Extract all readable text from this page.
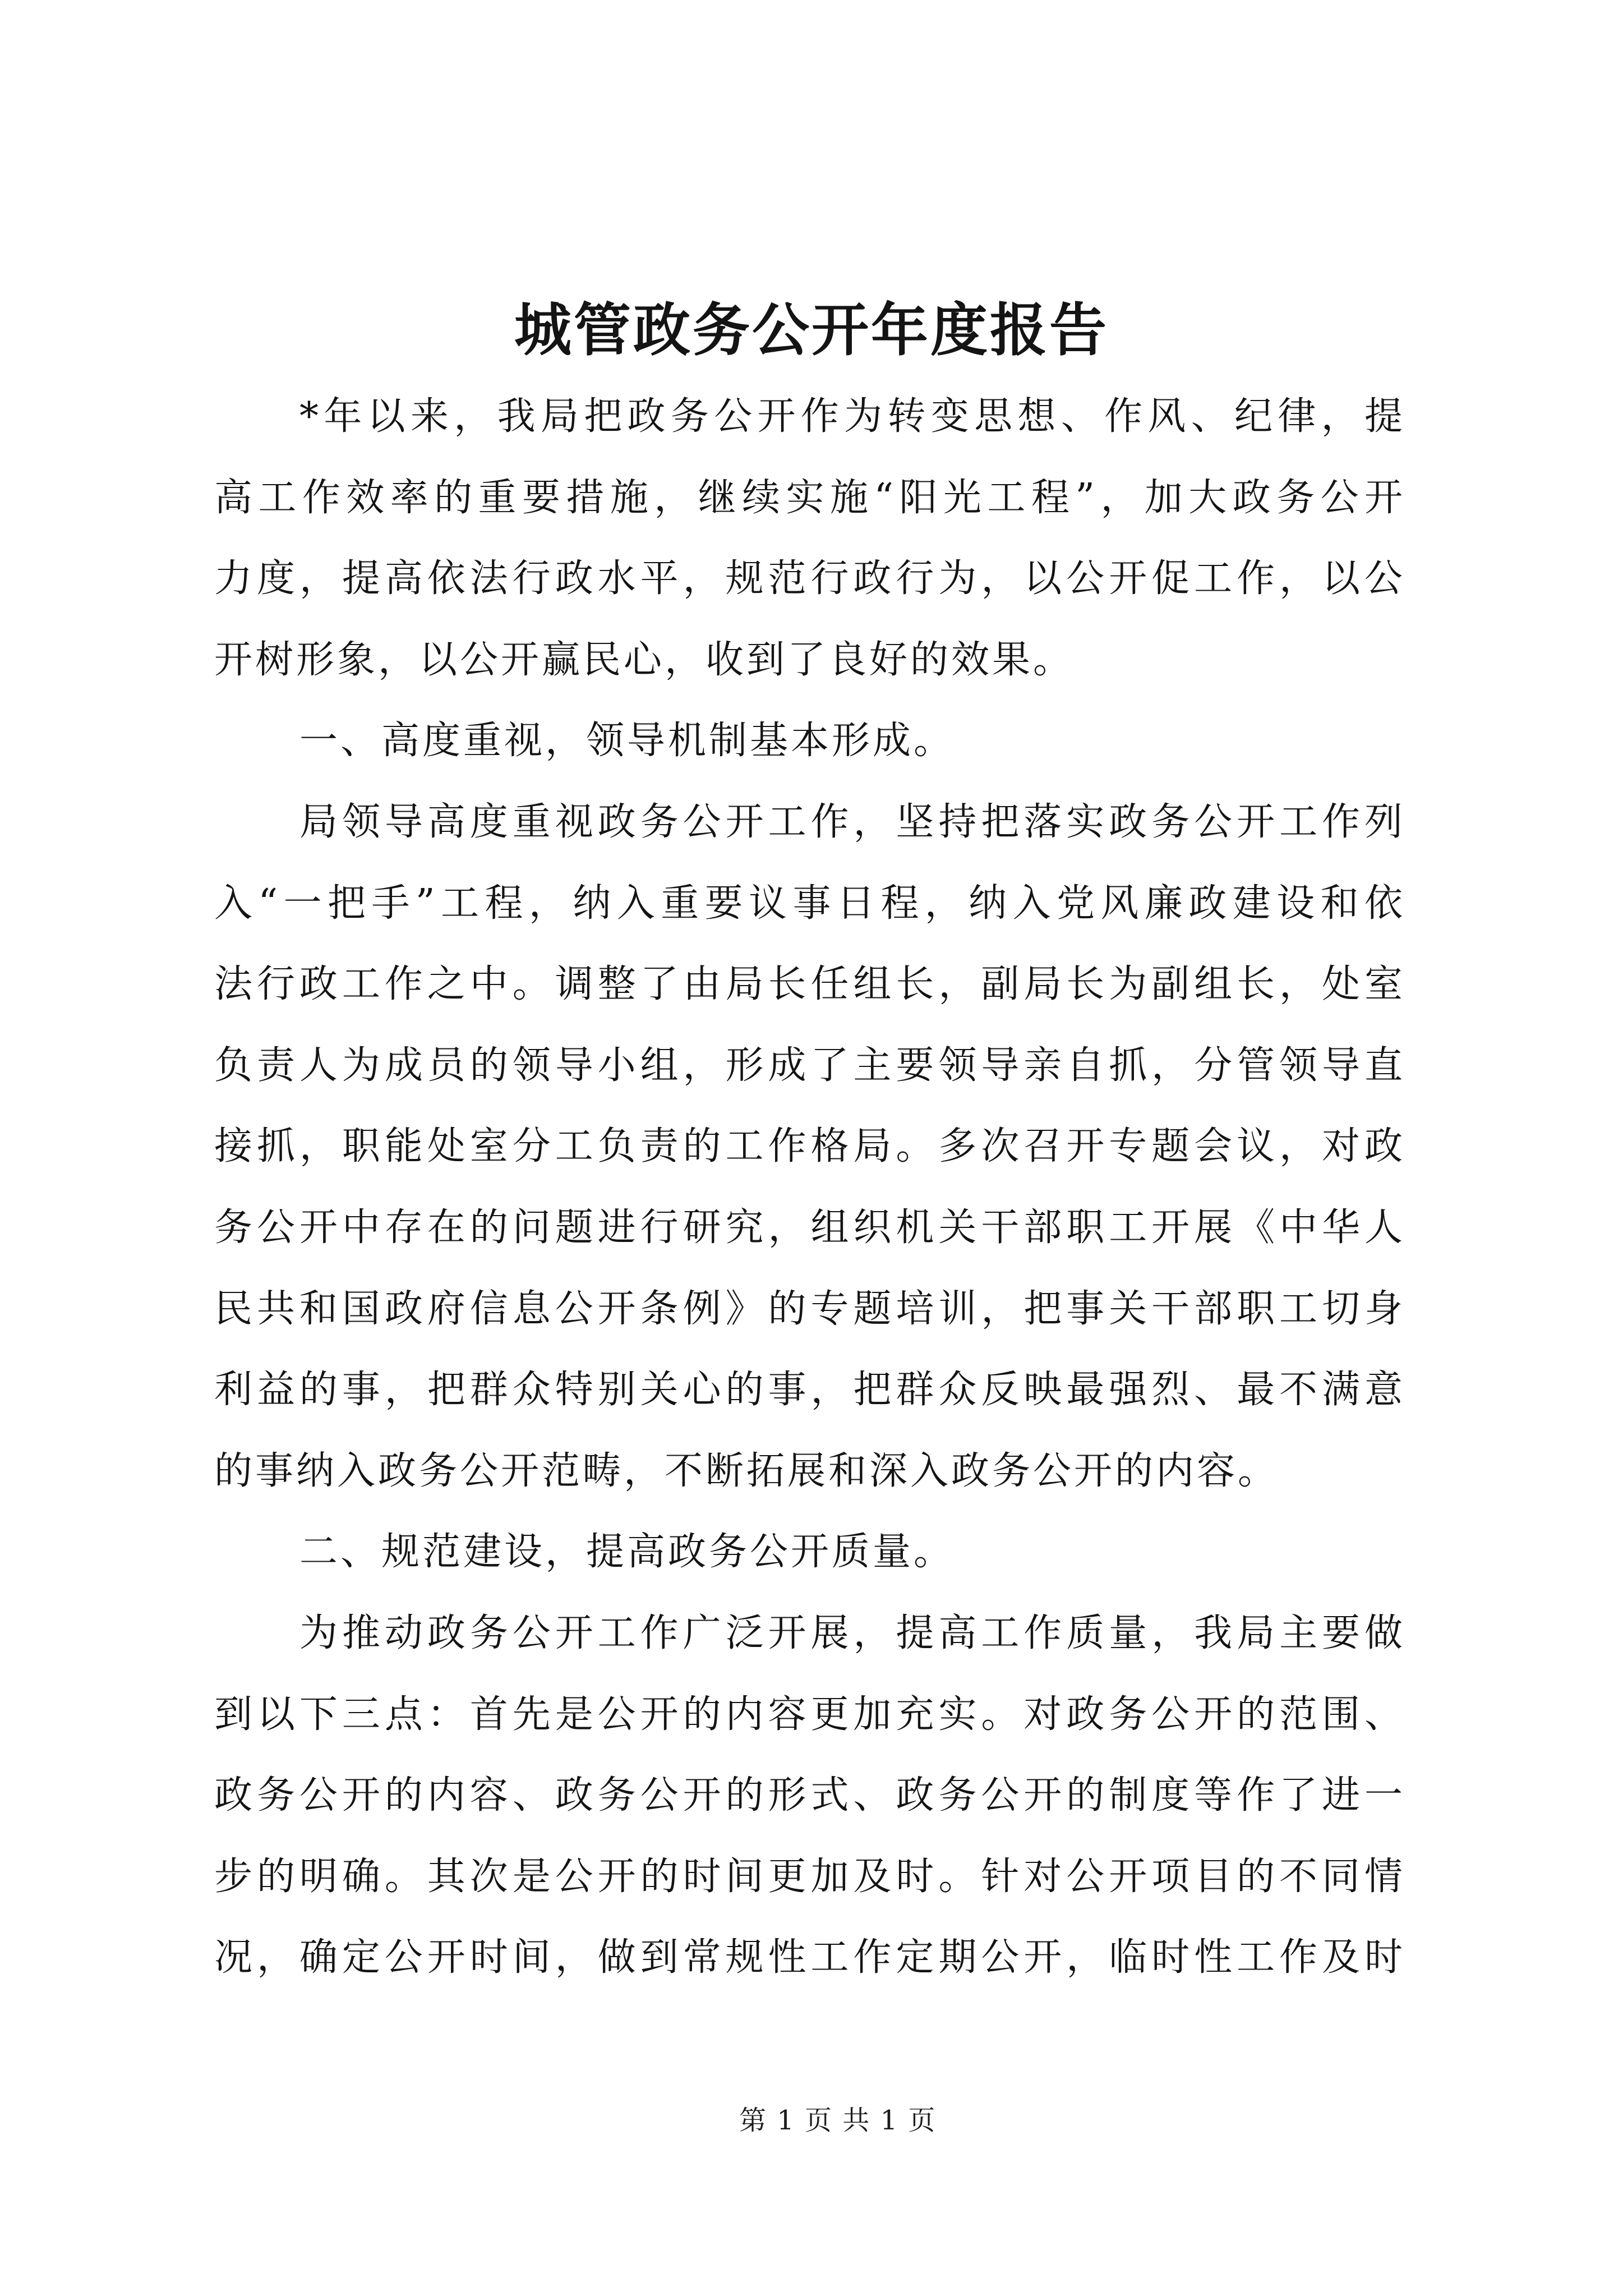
城管政务公开年度报告
*年以来，我局把政务公开作为转变思想、作风、纪律，提
高工作效率的重要措施，继续实施“阳光工程”，加大政务公开
力度，提高依法行政水平，规范行政行为，以公开促工作，以公
开树形象，以公开赢民心，收到了良好的效果。
一、高度重视，领导机制基本形成。
局领导高度重视政务公开工作，坚持把落实政务公开工作列
入“一把手”工程，纳入重要议事日程，纳入党风廉政建设和依
法行政工作之中。调整了由局长任组长，副局长为副组长，处室
负责人为成员的领导小组，形成了主要领导亲自抓，分管领导直
接抓，职能处室分工负责的工作格局。多次召开专题会议，对政
务公开中存在的问题进行研究，组织机关干部职工开展《中华人
民共和国政府信息公开条例》的专题培训，把事关干部职工切身
利益的事，把群众特别关心的事，把群众反映最强烈、最不满意
的事纳入政务公开范畴，不断拓展和深入政务公开的内容。
二、规范建设，提高政务公开质量。
为推动政务公开工作广泛开展，提高工作质量，我局主要做
到以下三点：首先是公开的内容更加充实。对政务公开的范围、
政务公开的内容、政务公开的形式、政务公开的制度等作了进一
步的明确。其次是公开的时间更加及时。针对公开项目的不同情
况，确定公开时间，做到常规性工作定期公开，临时性工作及时
第 1 页 共 1 页
